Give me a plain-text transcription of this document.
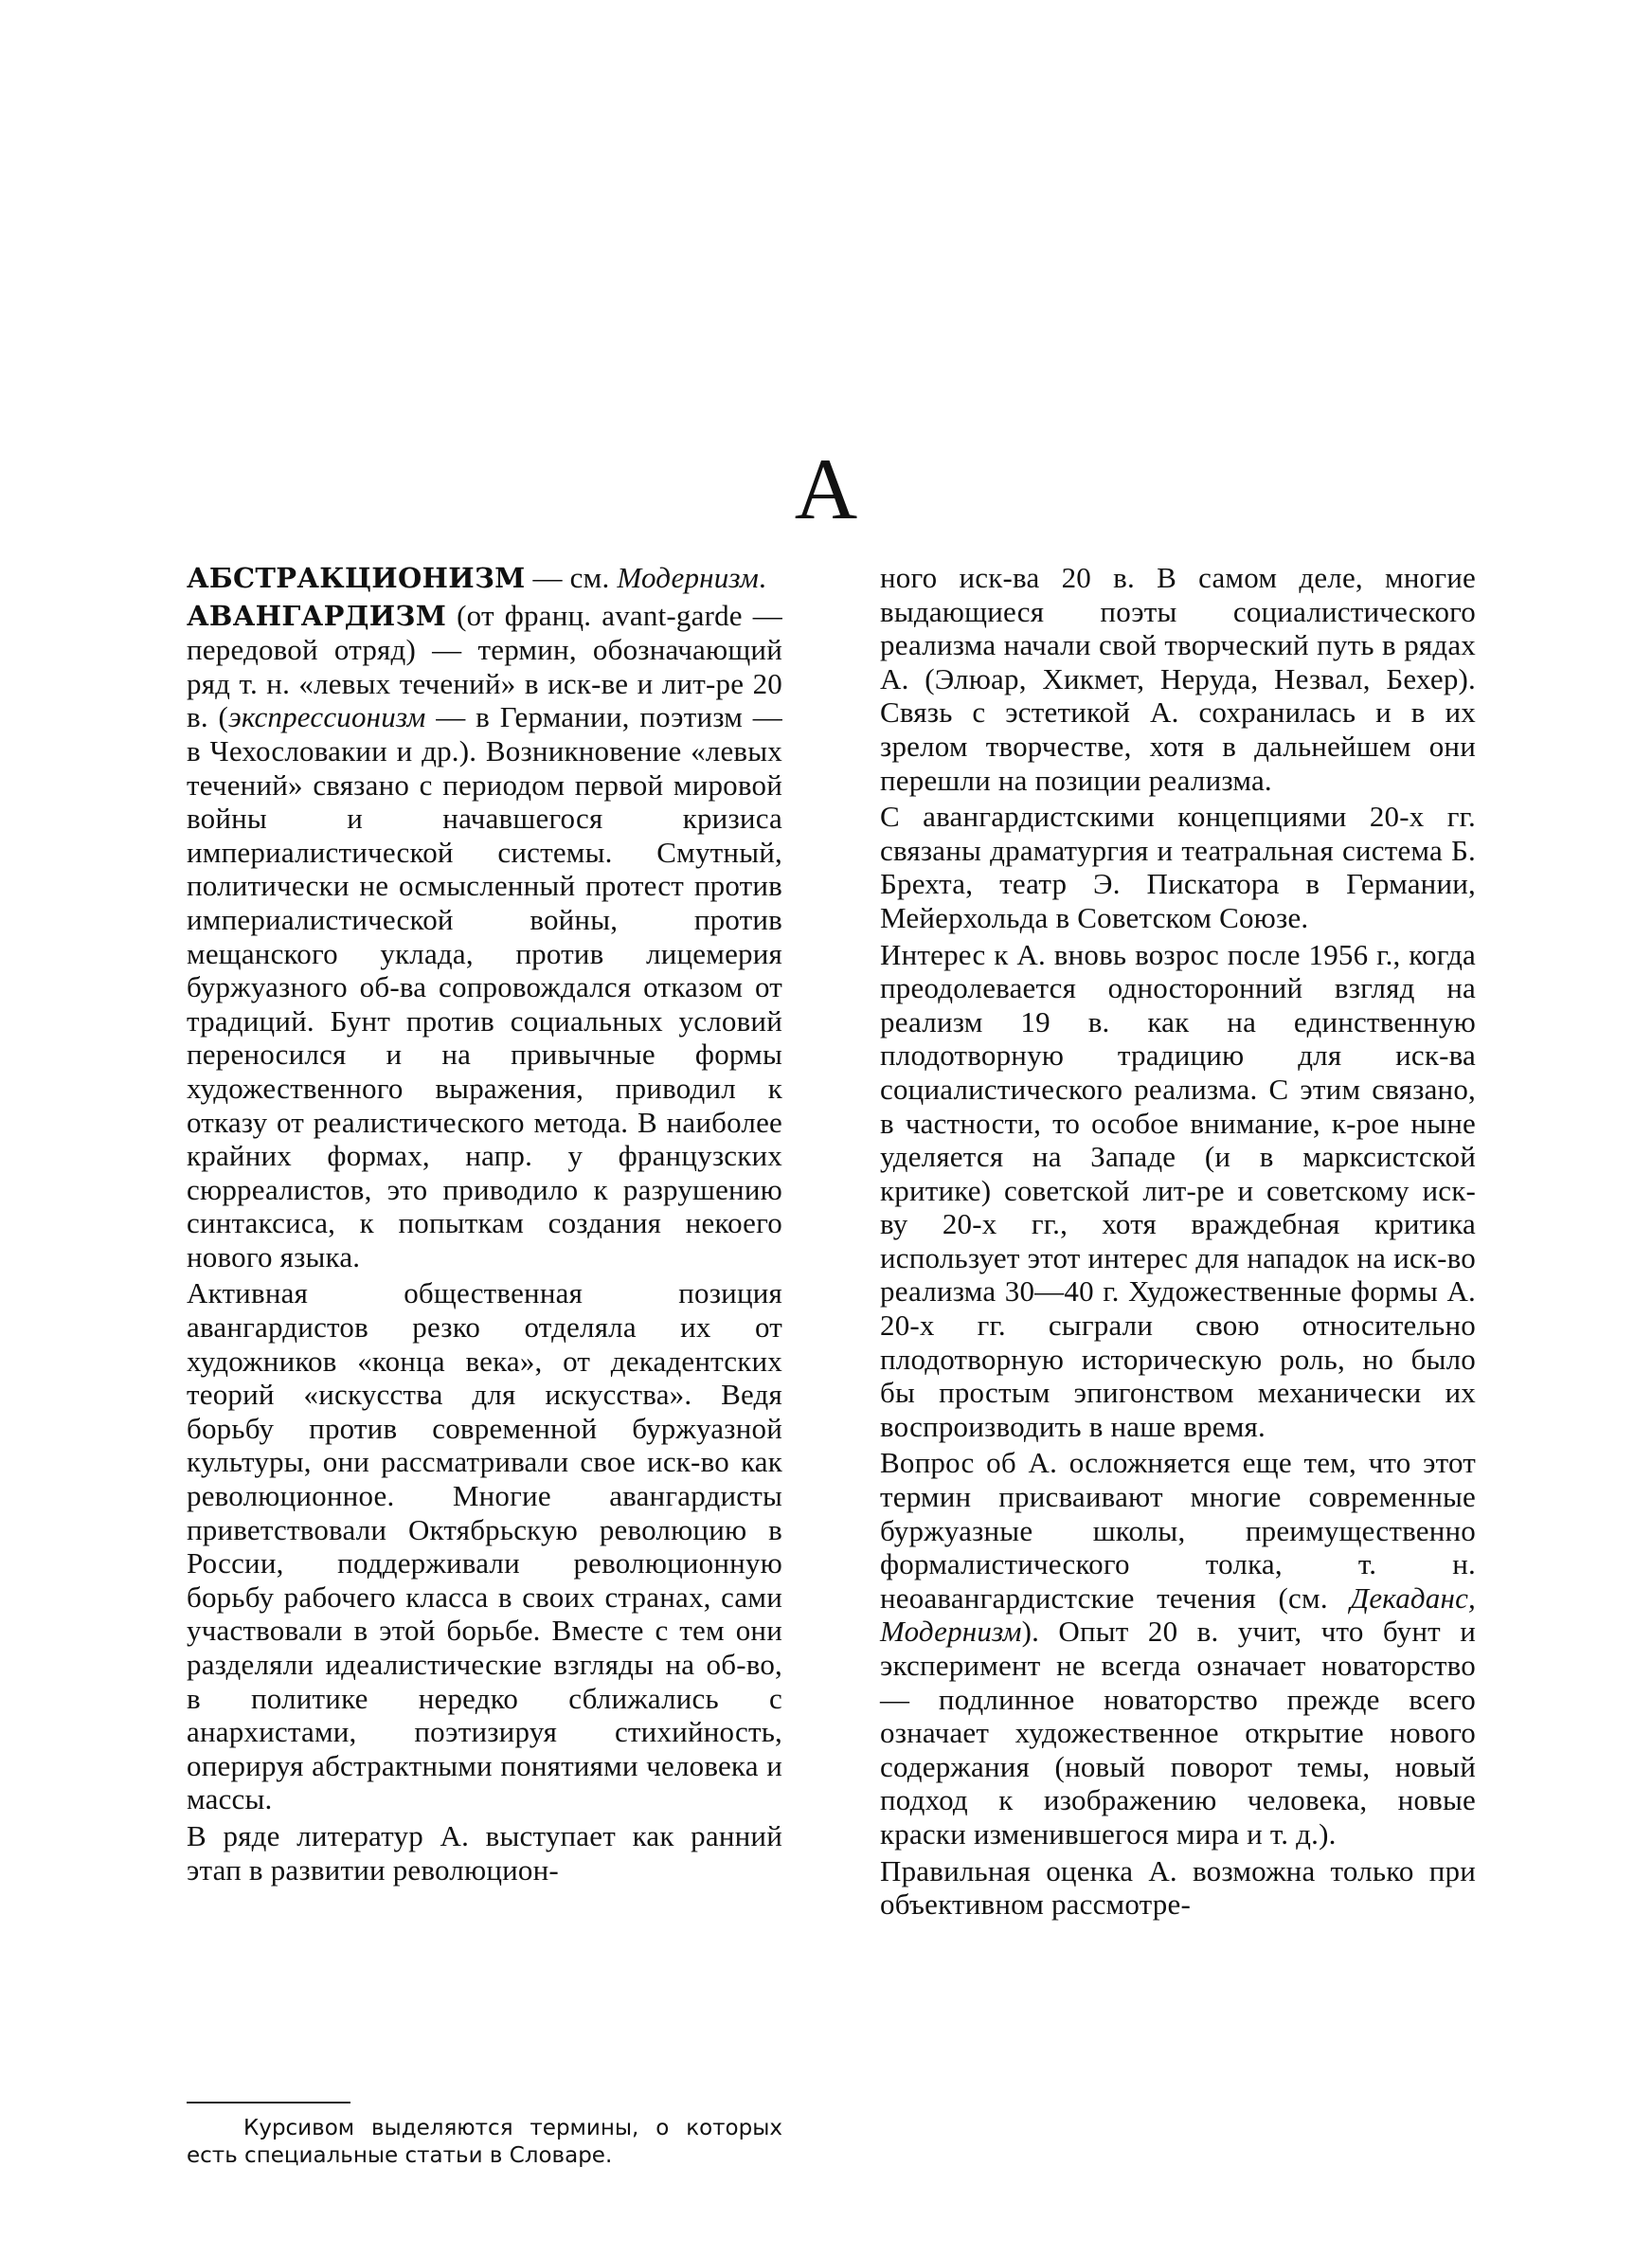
А

АБСТРАКЦИОНИЗМ — см. Модернизм.

АВАНГАРДИЗМ (от франц. avant-garde — передовой отряд) — термин, обозначающий ряд т. н. «левых течений» в иск-ве и лит-ре 20 в. (экспрессионизм — в Германии, поэтизм — в Чехословакии и др.). Возникновение «левых течений» связано с периодом первой мировой войны и начавшегося кризиса империалистической системы. Смутный, политически не осмысленный протест против империалистической войны, против мещанского уклада, против лицемерия буржуазного об-ва сопровождался отказом от традиций. Бунт против социальных условий переносился и на привычные формы художественного выражения, приводил к отказу от реалистического метода. В наиболее крайних формах, напр. у французских сюрреалистов, это приводило к разрушению синтаксиса, к попыткам создания некоего нового языка.

Активная общественная позиция авангардистов резко отделяла их от художников «конца века», от декадентских теорий «искусства для искусства». Ведя борьбу против современной буржуазной культуры, они рассматривали свое иск-во как революционное. Многие авангардисты приветствовали Октябрьскую революцию в России, поддерживали революционную борьбу рабочего класса в своих странах, сами участвовали в этой борьбе. Вместе с тем они разделяли идеалистические взгляды на об-во, в политике нередко сближались с анархистами, поэтизируя стихийность, оперируя абстрактными понятиями человека и массы.

В ряде литератур А. выступает как ранний этап в развитии революцион-

ного иск-ва 20 в. В самом деле, многие выдающиеся поэты социалистического реализма начали свой творческий путь в рядах А. (Элюар, Хикмет, Неруда, Незвал, Бехер). Связь с эстетикой А. сохранилась и в их зрелом творчестве, хотя в дальнейшем они перешли на позиции реализма.

С авангардистскими концепциями 20-х гг. связаны драматургия и театральная система Б. Брехта, театр Э. Пискатора в Германии, Мейерхольда в Советском Союзе.

Интерес к А. вновь возрос после 1956 г., когда преодолевается односторонний взгляд на реализм 19 в. как на единственную плодотворную традицию для иск-ва социалистического реализма. С этим связано, в частности, то особое внимание, к-рое ныне уделяется на Западе (и в марксистской критике) советской лит-ре и советскому иск-ву 20-х гг., хотя враждебная критика использует этот интерес для нападок на иск-во реализма 30—40 г. Художественные формы А. 20-х гг. сыграли свою относительно плодотворную историческую роль, но было бы простым эпигонством механически их воспроизводить в наше время.

Вопрос об А. осложняется еще тем, что этот термин присваивают многие современные буржуазные школы, преимущественно формалистического толка, т. н. неоавангардистские течения (см. Декаданс, Модернизм). Опыт 20 в. учит, что бунт и эксперимент не всегда означает новаторство — подлинное новаторство прежде всего означает художественное открытие нового содержания (новый поворот темы, новый подход к изображению человека, новые краски изменившегося мира и т. д.).

Правильная оценка А. возможна только при объективном рассмотре-

Курсивом выделяются термины, о которых есть специальные статьи в Словаре.
